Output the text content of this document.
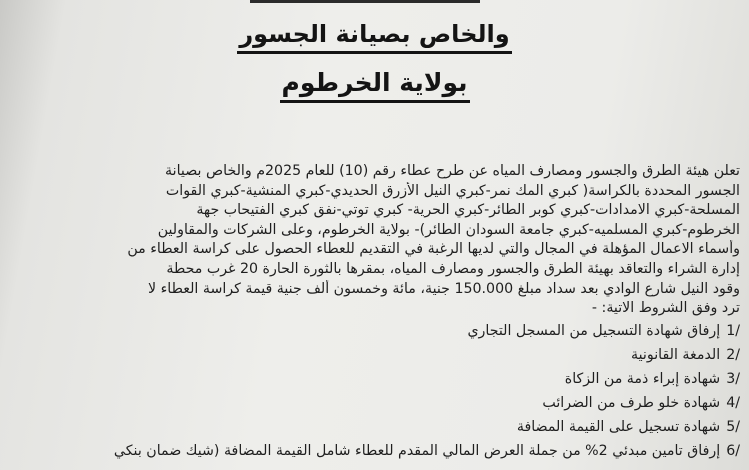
والخاص بصيانة الجسور
بولاية الخرطوم

تعلن هيئة الطرق والجسور ومصارف المياه عن طرح عطاء رقم (10) للعام 2025م والخاص بصيانة
الجسور المحددة بالكراسة( كبري المك نمر-كبري النيل الأزرق الحديدي-كبري المنشية-كبري القوات
المسلحة-كبري الامدادات-كبري كوبر الطائر-كبري الحرية- كبري توتي-نفق كبري الفتيحاب جهة
الخرطوم-كبري المسلميه-كبري جامعة السودان الطائر)- بولاية الخرطوم، وعلى الشركات والمقاولين
وأسماء الاعمال المؤهلة في المجال والتي لديها الرغبة في التقديم للعطاء الحصول على كراسة العطاء من
إدارة الشراء والتعاقد بهيئة الطرق والجسور ومصارف المياه، بمقرها بالثورة الحارة 20 غرب محطة
وقود النيل شارع الوادي بعد سداد مبلغ 150.000 جنية، مائة وخمسون ألف جنية قيمة كراسة العطاء لا
ترد وفق الشروط الاتية: -

/1إرفاق شهادة التسجيل من المسجل التجاري
/2الدمغة القانونية
/3شهادة إبراء ذمة من الزكاة
/4شهادة خلو طرف من الضرائب
/5شهادة تسجيل على القيمة المضافة
/6إرفاق تامين مبدئي 2% من جملة العرض المالي المقدم للعطاء شامل القيمة المضافة (شيك ضمان بنكي
